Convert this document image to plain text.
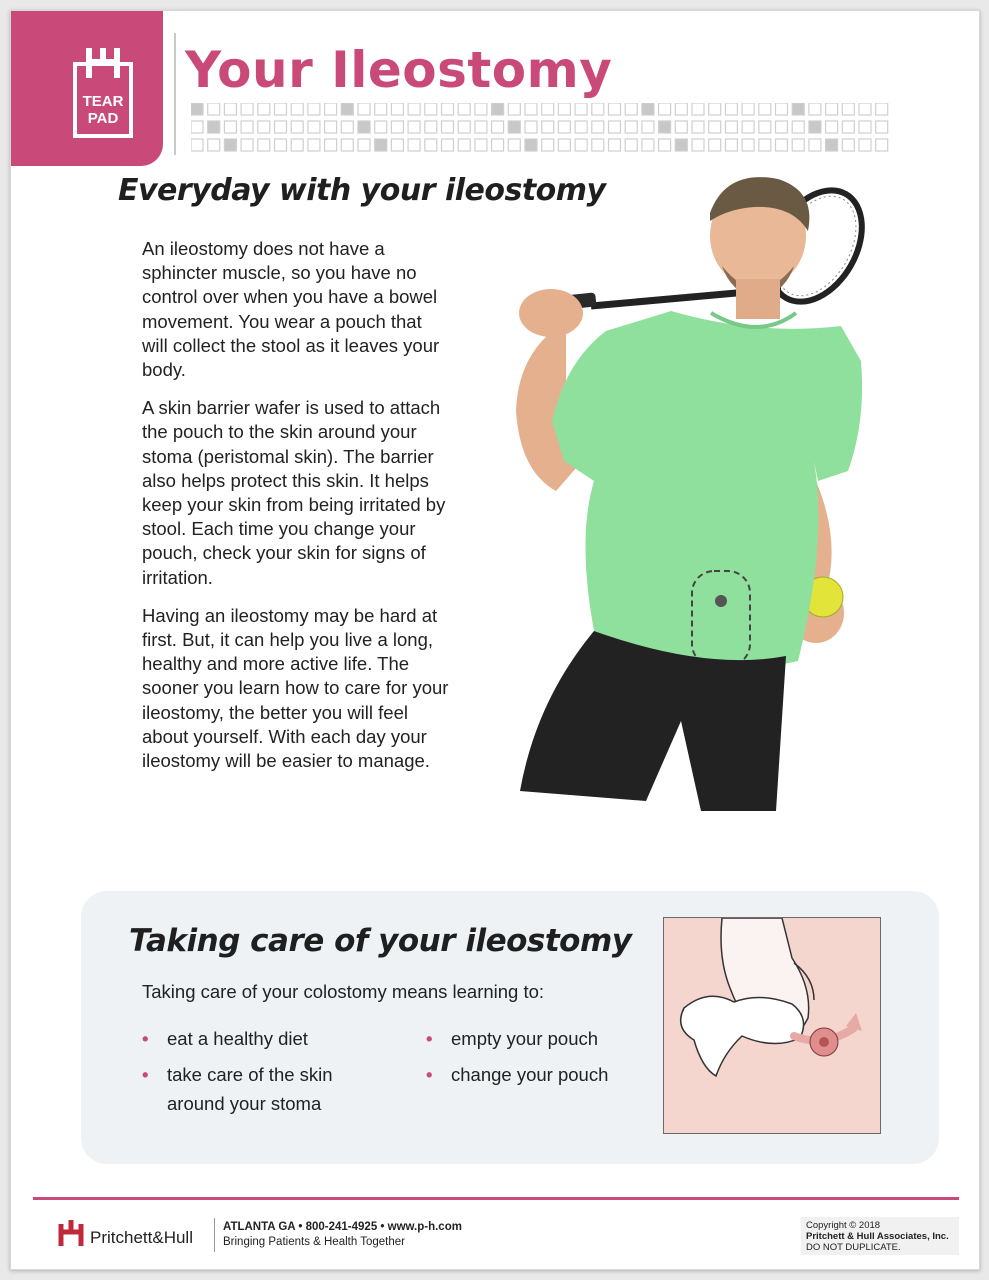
TEAR
PAD
Your Ileostomy
Everyday with your ileostomy

An ileostomy does not have a sphincter muscle, so you have no control over when you have a bowel movement. You wear a pouch that will collect the stool as it leaves your body.

A skin barrier wafer is used to attach the pouch to the skin around your stoma (peristomal skin). The barrier also helps protect this skin. It helps keep your skin from being irritated by stool. Each time you change your pouch, check your skin for signs of irritation.

Having an ileostomy may be hard at first. But, it can help you live a long, healthy and more active life. The sooner you learn how to care for your ileostomy, the better you will feel about yourself. With each day your ileostomy will be easier to manage.

Taking care of your ileostomy

Taking care of your colostomy means learning to:

• eat a healthy diet
• take care of the skin around your stoma
• empty your pouch
• change your pouch
Pritchett&Hull
ATLANTA GA • 800-241-4925 • www.p-h.com
Bringing Patients & Health Together
Copyright © 2018
Pritchett & Hull Associates, Inc.
DO NOT DUPLICATE.
